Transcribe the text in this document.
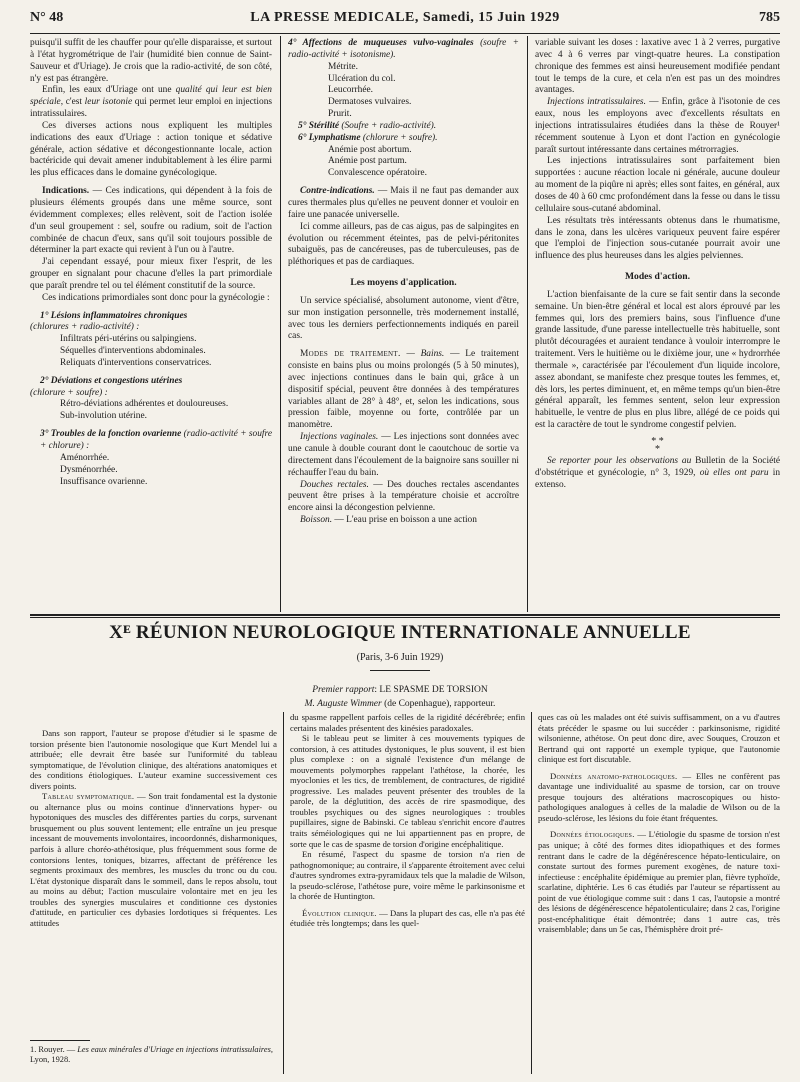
LA PRESSE MEDICALE, Samedi, 15 Juin 1929
N° 48	785

puisqu'il suffit de les chauffer pour qu'elle disparaisse, et surtout à l'état hygrométrique de l'air (humidité bien connue de Saint-Sauveur et d'Uriage). Je crois que la radio-activité, de son côté, n'y est pas étrangère.

Enfin, les eaux d'Uriage ont une qualité qui leur est bien spéciale, c'est leur isotonie qui permet leur emploi en injections intratissulaires.

Ces diverses actions nous expliquent les multiples indications des eaux d'Uriage : action tonique et sédative générale, action sédative et décongestionnante locale, action bactéricide qui devait amener indubitablement à les élire parmi les plus efficaces dans le domaine gynécologique.

Indications. — Ces indications, qui dépendent à la fois de plusieurs éléments groupés dans une même source, sont évidemment complexes; elles relèvent, soit de l'action isolée d'un seul groupement : sel, soufre ou radium, soit de l'action combinée de chacun d'eux, sans qu'il soit toujours possible de déterminer la part exacte qui revient à l'un ou à l'autre.

J'ai cependant essayé, pour mieux fixer l'esprit, de les grouper en signalant pour chacune d'elles la part primordiale que paraît prendre tel ou tel élément constitutif de la source.

Ces indications primordiales sont donc pour la gynécologie :

1° Lésions inflammatoires chroniques

(chlorures + radio-activité) :

Infiltrats péri-utérins ou salpingiens.

Séquelles d'interventions abdominales.

Reliquats d'interventions conservatrices.

2° Déviations et congestions utérines

(chlorure + soufre) :

Rétro-déviations adhérentes et douloureuses.

Sub-involution utérine.

3° Troubles de la fonction ovarienne (radio-activité + soufre + chlorure) :

Aménorrhée.

Dysménorrhée.

Insuffisance ovarienne.

4° Affections de muqueuses vulvo-vaginales (soufre + radio-activité + isotonisme).

Métrite.

Ulcération du col.

Leucorrhée.

Dermatoses vulvaires.

Prurit.

5° Stérilité (Soufre + radio-activité).

6° Lymphatisme (chlorure + soufre).

Anémie post abortum.

Anémie post partum.

Convalescence opératoire.

Contre-indications. — Mais il ne faut pas demander aux cures thermales plus qu'elles ne peuvent donner et vouloir en faire une panacée universelle.

Ici comme ailleurs, pas de cas aigus, pas de salpingites en évolution ou récemment éteintes, pas de pelvi-péritonites subaiguës, pas de cancéreuses, pas de tuberculeuses, pas de pléthoriques et pas de cardiaques.

Les moyens d'application.

Un service spécialisé, absolument autonome, vient d'être, sur mon instigation personnelle, très modernement installé, avec tous les derniers perfectionnements indiqués en pareil cas.

Modes de traitement. — Bains. — Le traitement consiste en bains plus ou moins prolongés (5 à 50 minutes), avec injections continues dans le bain qui, grâce à un dispositif spécial, peuvent être données à des températures variables allant de 28° à 48°, et, selon les indications, sous pression faible, moyenne ou forte, contrôlée par un manomètre.

Injections vaginales. — Les injections sont données avec une canule à double courant dont le caoutchouc de sortie va directement dans l'écoulement de la baignoire sans souiller ni réchauffer l'eau du bain.

Douches rectales. — Des douches rectales ascendantes peuvent être prises à la température choisie et accroître encore ainsi la décongestion pelvienne.

Boisson. — L'eau prise en boisson a une action

variable suivant les doses : laxative avec 1 à 2 verres, purgative avec 4 à 6 verres par vingt-quatre heures. La constipation chronique des femmes est ainsi heureusement modifiée pendant tout le temps de la cure, et cela n'en est pas un des moindres avantages.

Injections intratissulaires. — Enfin, grâce à l'isotonie de ces eaux, nous les employons avec d'excellents résultats en injections intratissulaires étudiées dans la thèse de Rouyer¹ récemment soutenue à Lyon et dont l'action en gynécologie paraît surtout intéressante dans certaines métrorragies.

Les injections intratissulaires sont parfaitement bien supportées : aucune réaction locale ni générale, aucune douleur au moment de la piqûre ni après; elles sont faites, en général, aux doses de 40 à 60 cmc profondément dans la fesse ou dans le tissu cellulaire sous-cutané abdominal.

Les résultats très intéressants obtenus dans le rhumatisme, dans le zona, dans les ulcères variqueux peuvent faire espérer que l'emploi de l'injection sous-cutanée pourrait avoir une influence des plus heureuses dans les algies pelviennes.

Modes d'action.

L'action bienfaisante de la cure se fait sentir dans la seconde semaine. Un bien-être général et local est alors éprouvé par les femmes qui, lors des premiers bains, sous l'influence d'une grande lassitude, d'une paresse intellectuelle très habituelle, sont plutôt découragées et auraient tendance à vouloir interrompre le traitement. Vers le huitième ou le dixième jour, une « hydrorrhée thermale », caractérisée par l'écoulement d'un liquide incolore, assez abondant, se manifeste chez presque toutes les femmes, et, dès lors, les pertes diminuent, et, en même temps qu'un bien-être général apparaît, les femmes sentent, selon leur expression habituelle, le ventre de plus en plus libre, allégé de ce poids qui est la caractère de tout le syndrome congestif pelvien.

* *
*

Se reporter pour les observations au Bulletin de la Société d'obstétrique et gynécologie, n° 3, 1929, où elles ont paru in extenso.

Xᴱ RÉUNION NEUROLOGIQUE INTERNATIONALE ANNUELLE
(Paris, 3-6 Juin 1929)
Premier rapport: LE SPASME DE TORSION
M. Auguste Wimmer (de Copenhague), rapporteur.

Dans son rapport, l'auteur se propose d'étudier si le spasme de torsion présente bien l'autonomie nosologique que Kurt Mendel lui a attribuée; elle devrait être basée sur l'uniformité du tableau symptomatique, de l'évolution clinique, des altérations anatomiques et des conditions étiologiques. L'auteur examine successivement ces divers points.

Tableau symptomatique. — Son trait fondamental est la dystonie ou alternance plus ou moins continue d'innervations hyper- ou hypotoniques des muscles des différentes parties du corps, survenant brusquement ou plus souvent lentement; elle entraîne un jeu presque incessant de mouvements involontaires, incoordonnés, disharmoniques, parfois à allure choréo-athétosique, plus fréquemment sous forme de contorsions lentes, toniques, bizarres, affectant de préférence les segments proximaux des membres, les muscles du tronc ou du cou. L'état dystonique disparaît dans le sommeil, dans le repos absolu, tout au moins au début; l'action musculaire volontaire met en jeu les troubles des synergies musculaires et conditionne ces dystonies d'attitude, en particulier ces dybasies lordotiques si fréquentes. Les attitudes

1. Rouyer. — Les eaux minérales d'Uriage en injections intratissulaires, Lyon, 1928.

du spasme rappellent parfois celles de la rigidité décérébrée; enfin certains malades présentent des kinésies paradoxales.

Si le tableau peut se limiter à ces mouvements typiques de contorsion, à ces attitudes dystoniques, le plus souvent, il est bien plus complexe : on a signalé l'existence d'un mélange de mouvements polymorphes rappelant l'athétose, la chorée, les myoclonies et les tics, de tremblement, de contractures, de rigidité progressive. Les malades peuvent présenter des troubles de la parole, de la déglutition, des accès de rire spasmodique, des troubles psychiques ou des signes neurologiques : troubles pupillaires, signe de Babinski. Ce tableau s'enrichit encore d'autres traits séméiologiques qui ne lui appartiennent pas en propre, de sorte que le cas de spasme de torsion d'origine encéphalitique.

En résumé, l'aspect du spasme de torsion n'a rien de pathognomonique; au contraire, il s'apparente étroitement avec celui d'autres syndromes extra-pyramidaux tels que la maladie de Wilson, la pseudo-sclérose, l'athétose pure, voire même le parkinsonisme et la chorée de Huntington.

Évolution clinique. — Dans la plupart des cas, elle n'a pas été étudiée très longtemps; dans les quel-

ques cas où les malades ont été suivis suffisamment, on a vu d'autres états précéder le spasme ou lui succéder : parkinsonisme, rigidité wilsonienne, athétose. On peut donc dire, avec Souques, Crouzon et Bertrand qui ont rapporté un exemple typique, que l'autonomie clinique est fort discutable.

Données anatomo-pathologiques. — Elles ne confèrent pas davantage une individualité au spasme de torsion, car on trouve presque toujours des altérations macroscopiques ou histo-pathologiques analogues à celles de la maladie de Wilson ou de la pseudo-sclérose, les lésions du foie étant fréquentes.

Données étiologiques. — L'étiologie du spasme de torsion n'est pas unique; à côté des formes dites idiopathiques et des formes rentrant dans le cadre de la dégénérescence hépato-lenticulaire, on constate surtout des formes purement exogènes, de nature toxi-infectieuse : encéphalite épidémique au premier plan, fièvre typhoïde, scarlatine, diphtérie. Les 6 cas étudiés par l'auteur se répartissent au point de vue étiologique comme suit : dans 1 cas, l'autopsie a montré des lésions de dégénérescence hépatolenticulaire; dans 2 cas, l'origine post-encéphalitique était démontrée; dans 1 autre cas, très vraisemblable; dans un 5e cas, l'hémisphère droit pré-
